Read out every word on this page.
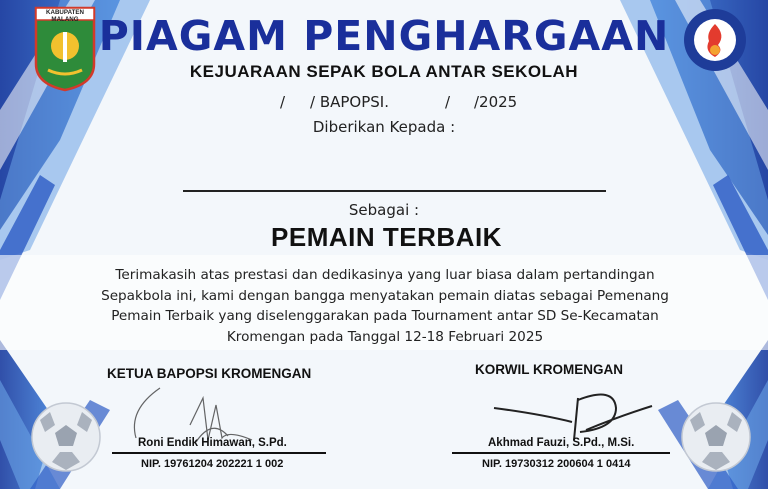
KABUPATEN MALANG PIAGAM PENGHARGAAN
KEJUARAAN SEPAK BOLA ANTAR SEKOLAH
/ / BAPOPSI.	/ /2025
Diberikan Kepada :
Sebagai :
PEMAIN TERBAIK
Terimakasih atas prestasi dan dedikasinya yang luar biasa dalam pertandingan
Sepakbola ini, kami dengan bangga menyatakan pemain diatas sebagai Pemenang
Pemain Terbaik yang diselenggarakan pada Tournament antar SD Se-Kecamatan
Kromengan pada Tanggal 12-18 Februari 2025
KETUA BAPOPSI KROMENGAN
Roni Endik Himawan, S.Pd.
NIP. 19761204 202221 1 002
KORWIL KROMENGAN
Akhmad Fauzi, S.Pd., M.Si.
NIP. 19730312 200604 1 0414
